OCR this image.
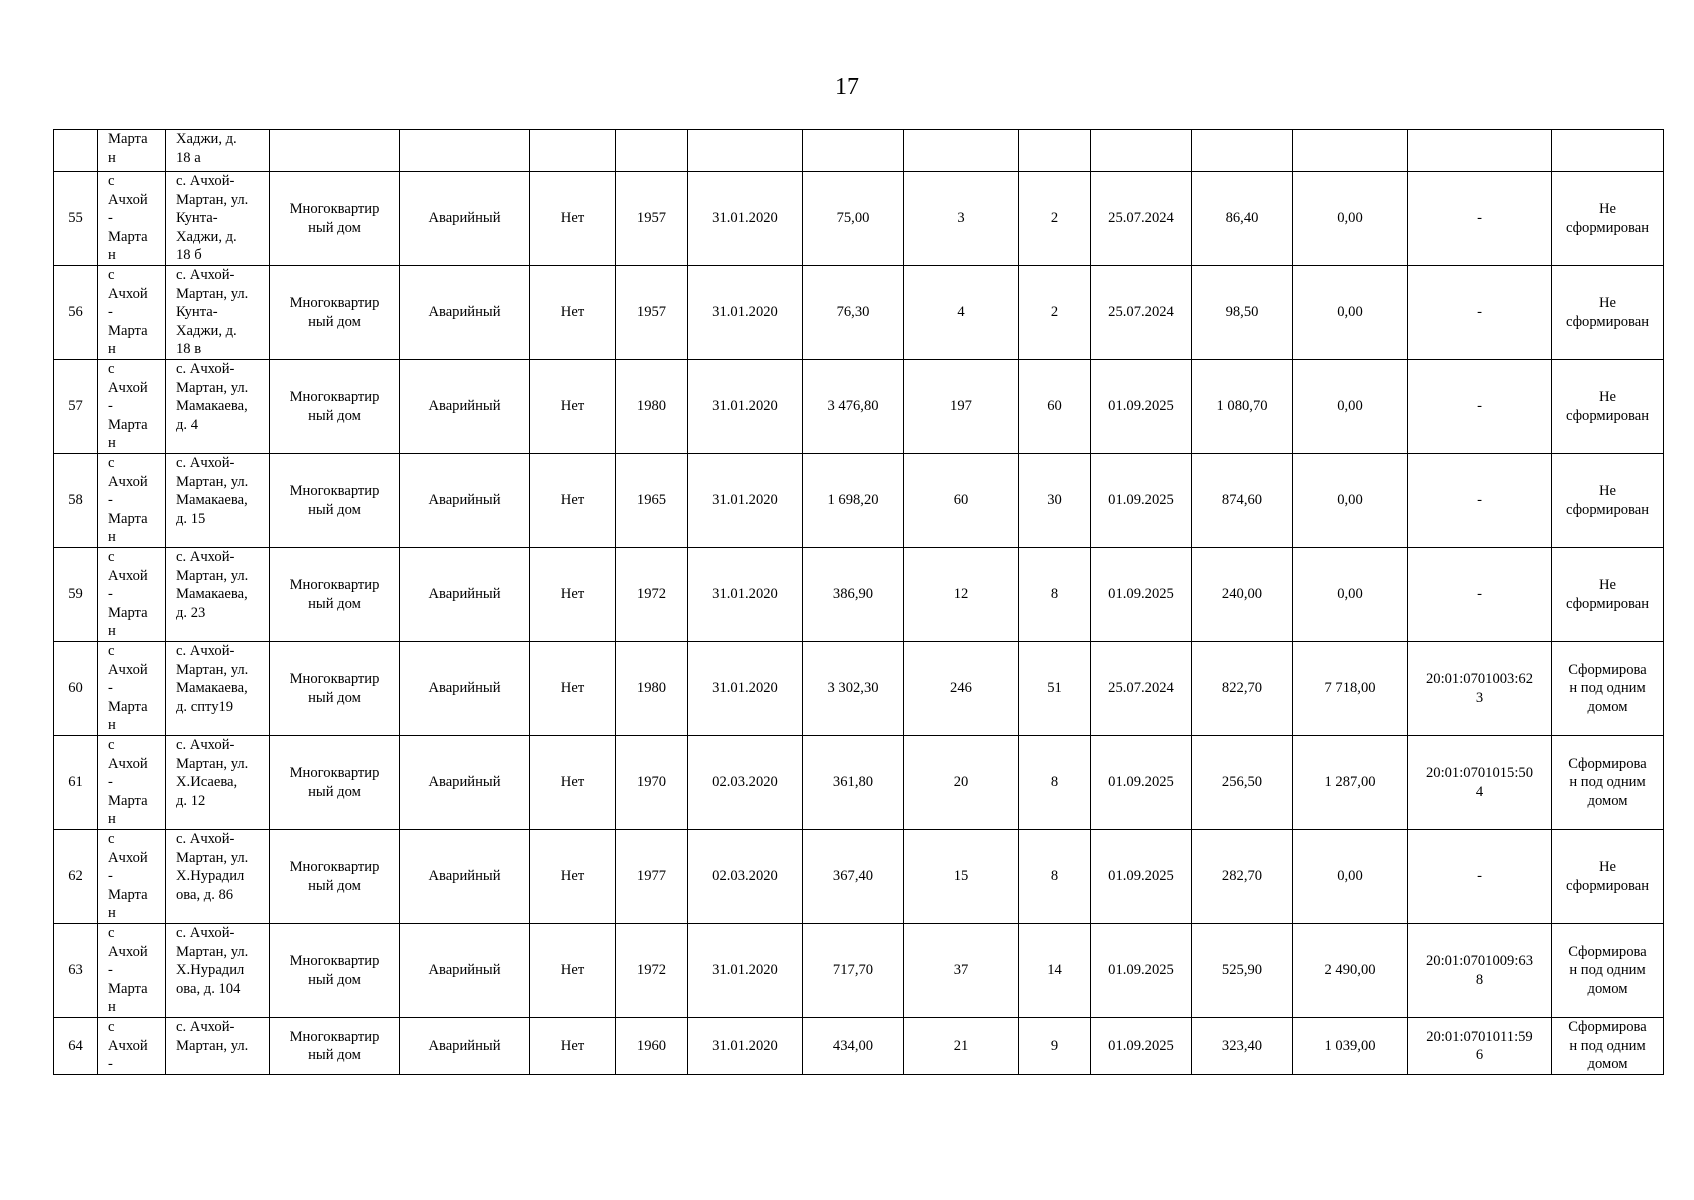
17

	Марта
н	Хаджи, д.
18 а													

55	с
Ачхой
-
Марта
н	с. Ачхой-
Мартан, ул.
Кунта-
Хаджи, д.
18 б	Многоквартир
ный дом	Аварийный	Нет	1957	31.01.2020	75,00	3	2	25.07.2024	86,40	0,00	-	Не
сформирован

56	с
Ачхой
-
Марта
н	с. Ачхой-
Мартан, ул.
Кунта-
Хаджи, д.
18 в	Многоквартир
ный дом	Аварийный	Нет	1957	31.01.2020	76,30	4	2	25.07.2024	98,50	0,00	-	Не
сформирован

57	с
Ачхой
-
Марта
н	с. Ачхой-
Мартан, ул.
Мамакаева,
д. 4	Многоквартир
ный дом	Аварийный	Нет	1980	31.01.2020	3 476,80	197	60	01.09.2025	1 080,70	0,00	-	Не
сформирован

58	с
Ачхой
-
Марта
н	с. Ачхой-
Мартан, ул.
Мамакаева,
д. 15	Многоквартир
ный дом	Аварийный	Нет	1965	31.01.2020	1 698,20	60	30	01.09.2025	874,60	0,00	-	Не
сформирован

59	с
Ачхой
-
Марта
н	с. Ачхой-
Мартан, ул.
Мамакаева,
д. 23	Многоквартир
ный дом	Аварийный	Нет	1972	31.01.2020	386,90	12	8	01.09.2025	240,00	0,00	-	Не
сформирован

60	с
Ачхой
-
Марта
н	с. Ачхой-
Мартан, ул.
Мамакаева,
д. спту19	Многоквартир
ный дом	Аварийный	Нет	1980	31.01.2020	3 302,30	246	51	25.07.2024	822,70	7 718,00	20:01:0701003:62
3	Сформирова
н под одним
домом

61	с
Ачхой
-
Марта
н	с. Ачхой-
Мартан, ул.
Х.Исаева,
д. 12	Многоквартир
ный дом	Аварийный	Нет	1970	02.03.2020	361,80	20	8	01.09.2025	256,50	1 287,00	20:01:0701015:50
4	Сформирова
н под одним
домом

62	с
Ачхой
-
Марта
н	с. Ачхой-
Мартан, ул.
Х.Нурадил
ова, д. 86	Многоквартир
ный дом	Аварийный	Нет	1977	02.03.2020	367,40	15	8	01.09.2025	282,70	0,00	-	Не
сформирован

63	с
Ачхой
-
Марта
н	с. Ачхой-
Мартан, ул.
Х.Нурадил
ова, д. 104	Многоквартир
ный дом	Аварийный	Нет	1972	31.01.2020	717,70	37	14	01.09.2025	525,90	2 490,00	20:01:0701009:63
8	Сформирова
н под одним
домом

64	с
Ачхой
-	с. Ачхой-
Мартан, ул.	Многоквартир
ный дом	Аварийный	Нет	1960	31.01.2020	434,00	21	9	01.09.2025	323,40	1 039,00	20:01:0701011:59
6	Сформирова
н под одним
домом
